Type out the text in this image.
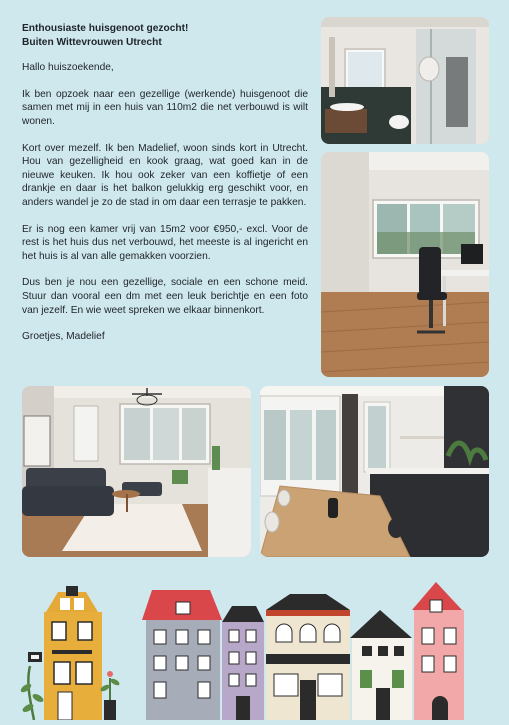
Enthousiaste huisgenoot gezocht!
Buiten Wittevrouwen Utrecht

Hallo huiszoekende,

Ik ben opzoek naar een gezellige (werkende) huisgenoot die samen met mij in een huis van 110m2 die net verbouwd is wilt wonen.

Kort over mezelf. Ik ben Madelief, woon sinds kort in Utrecht. Hou van gezelligheid en kook graag, wat goed kan in de nieuwe keuken. Ik hou ook zeker van een koffietje of een drankje en daar is het balkon gelukkig erg geschikt voor, en anders wandel je zo de stad in om daar een terrasje te pakken.

Er is nog een kamer vrij van 15m2 voor €950,- excl. Voor de rest is het huis dus net verbouwd, het meeste is al ingericht en het huis is al van alle gemakken voorzien.

Dus ben je nou een gezellige, sociale en een schone meid. Stuur dan vooral een dm met een leuk berichtje en een foto van jezelf. En wie weet spreken we elkaar binnenkort.

Groetjes, Madelief
